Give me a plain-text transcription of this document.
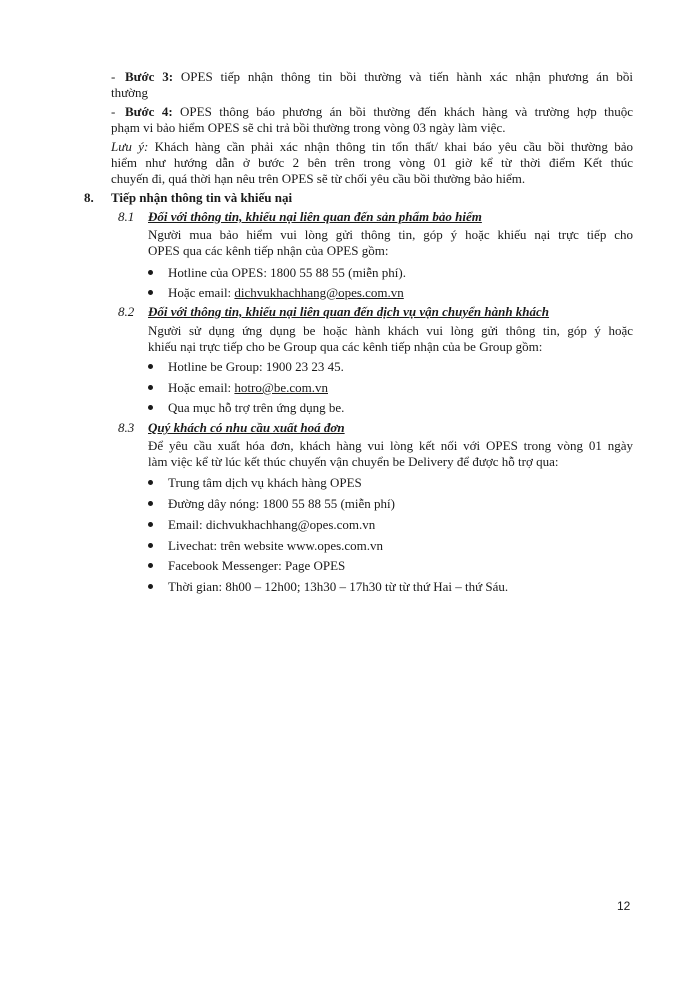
- Bước 3: OPES tiếp nhận thông tin bồi thường và tiến hành xác nhận phương án bồi
thường
- Bước 4: OPES thông báo phương án bồi thường đến khách hàng và trường hợp thuộc
phạm vi bảo hiểm OPES sẽ chi trả bồi thường trong vòng 03 ngày làm việc.
Lưu ý: Khách hàng cần phải xác nhận thông tin tổn thất/ khai báo yêu cầu bồi thường bảo
hiểm như hướng dẫn ở bước 2 bên trên trong vòng 01 giờ kể từ thời điểm Kết thúc
chuyến đi, quá thời hạn nêu trên OPES sẽ từ chối yêu cầu bồi thường bảo hiểm.
8. Tiếp nhận thông tin và khiếu nại
8.1 Đối với thông tin, khiếu nại liên quan đến sản phẩm bảo hiểm
Người mua bảo hiểm vui lòng gửi thông tin, góp ý hoặc khiếu nại trực tiếp cho
OPES qua các kênh tiếp nhận của OPES gồm:
Hotline của OPES: 1800 55 88 55 (miễn phí).
Hoặc email: dichvukhachhang@opes.com.vn
8.2 Đối với thông tin, khiếu nại liên quan đến dịch vụ vận chuyển hành khách
Người sử dụng ứng dụng be hoặc hành khách vui lòng gửi thông tin, góp ý hoặc
khiếu nại trực tiếp cho be Group qua các kênh tiếp nhận của be Group gồm:
Hotline be Group: 1900 23 23 45.
Hoặc email: hotro@be.com.vn
Qua mục hỗ trợ trên ứng dụng be.
8.3 Quý khách có nhu cầu xuất hoá đơn
Để yêu cầu xuất hóa đơn, khách hàng vui lòng kết nối với OPES trong vòng 01 ngày
làm việc kể từ lúc kết thúc chuyến vận chuyển be Delivery để được hỗ trợ qua:
Trung tâm dịch vụ khách hàng OPES
Đường dây nóng: 1800 55 88 55 (miễn phí)
Email: dichvukhachhang@opes.com.vn
Livechat: trên website www.opes.com.vn
Facebook Messenger: Page OPES
Thời gian: 8h00 – 12h00; 13h30 – 17h30 từ từ thứ Hai – thứ Sáu.
12
